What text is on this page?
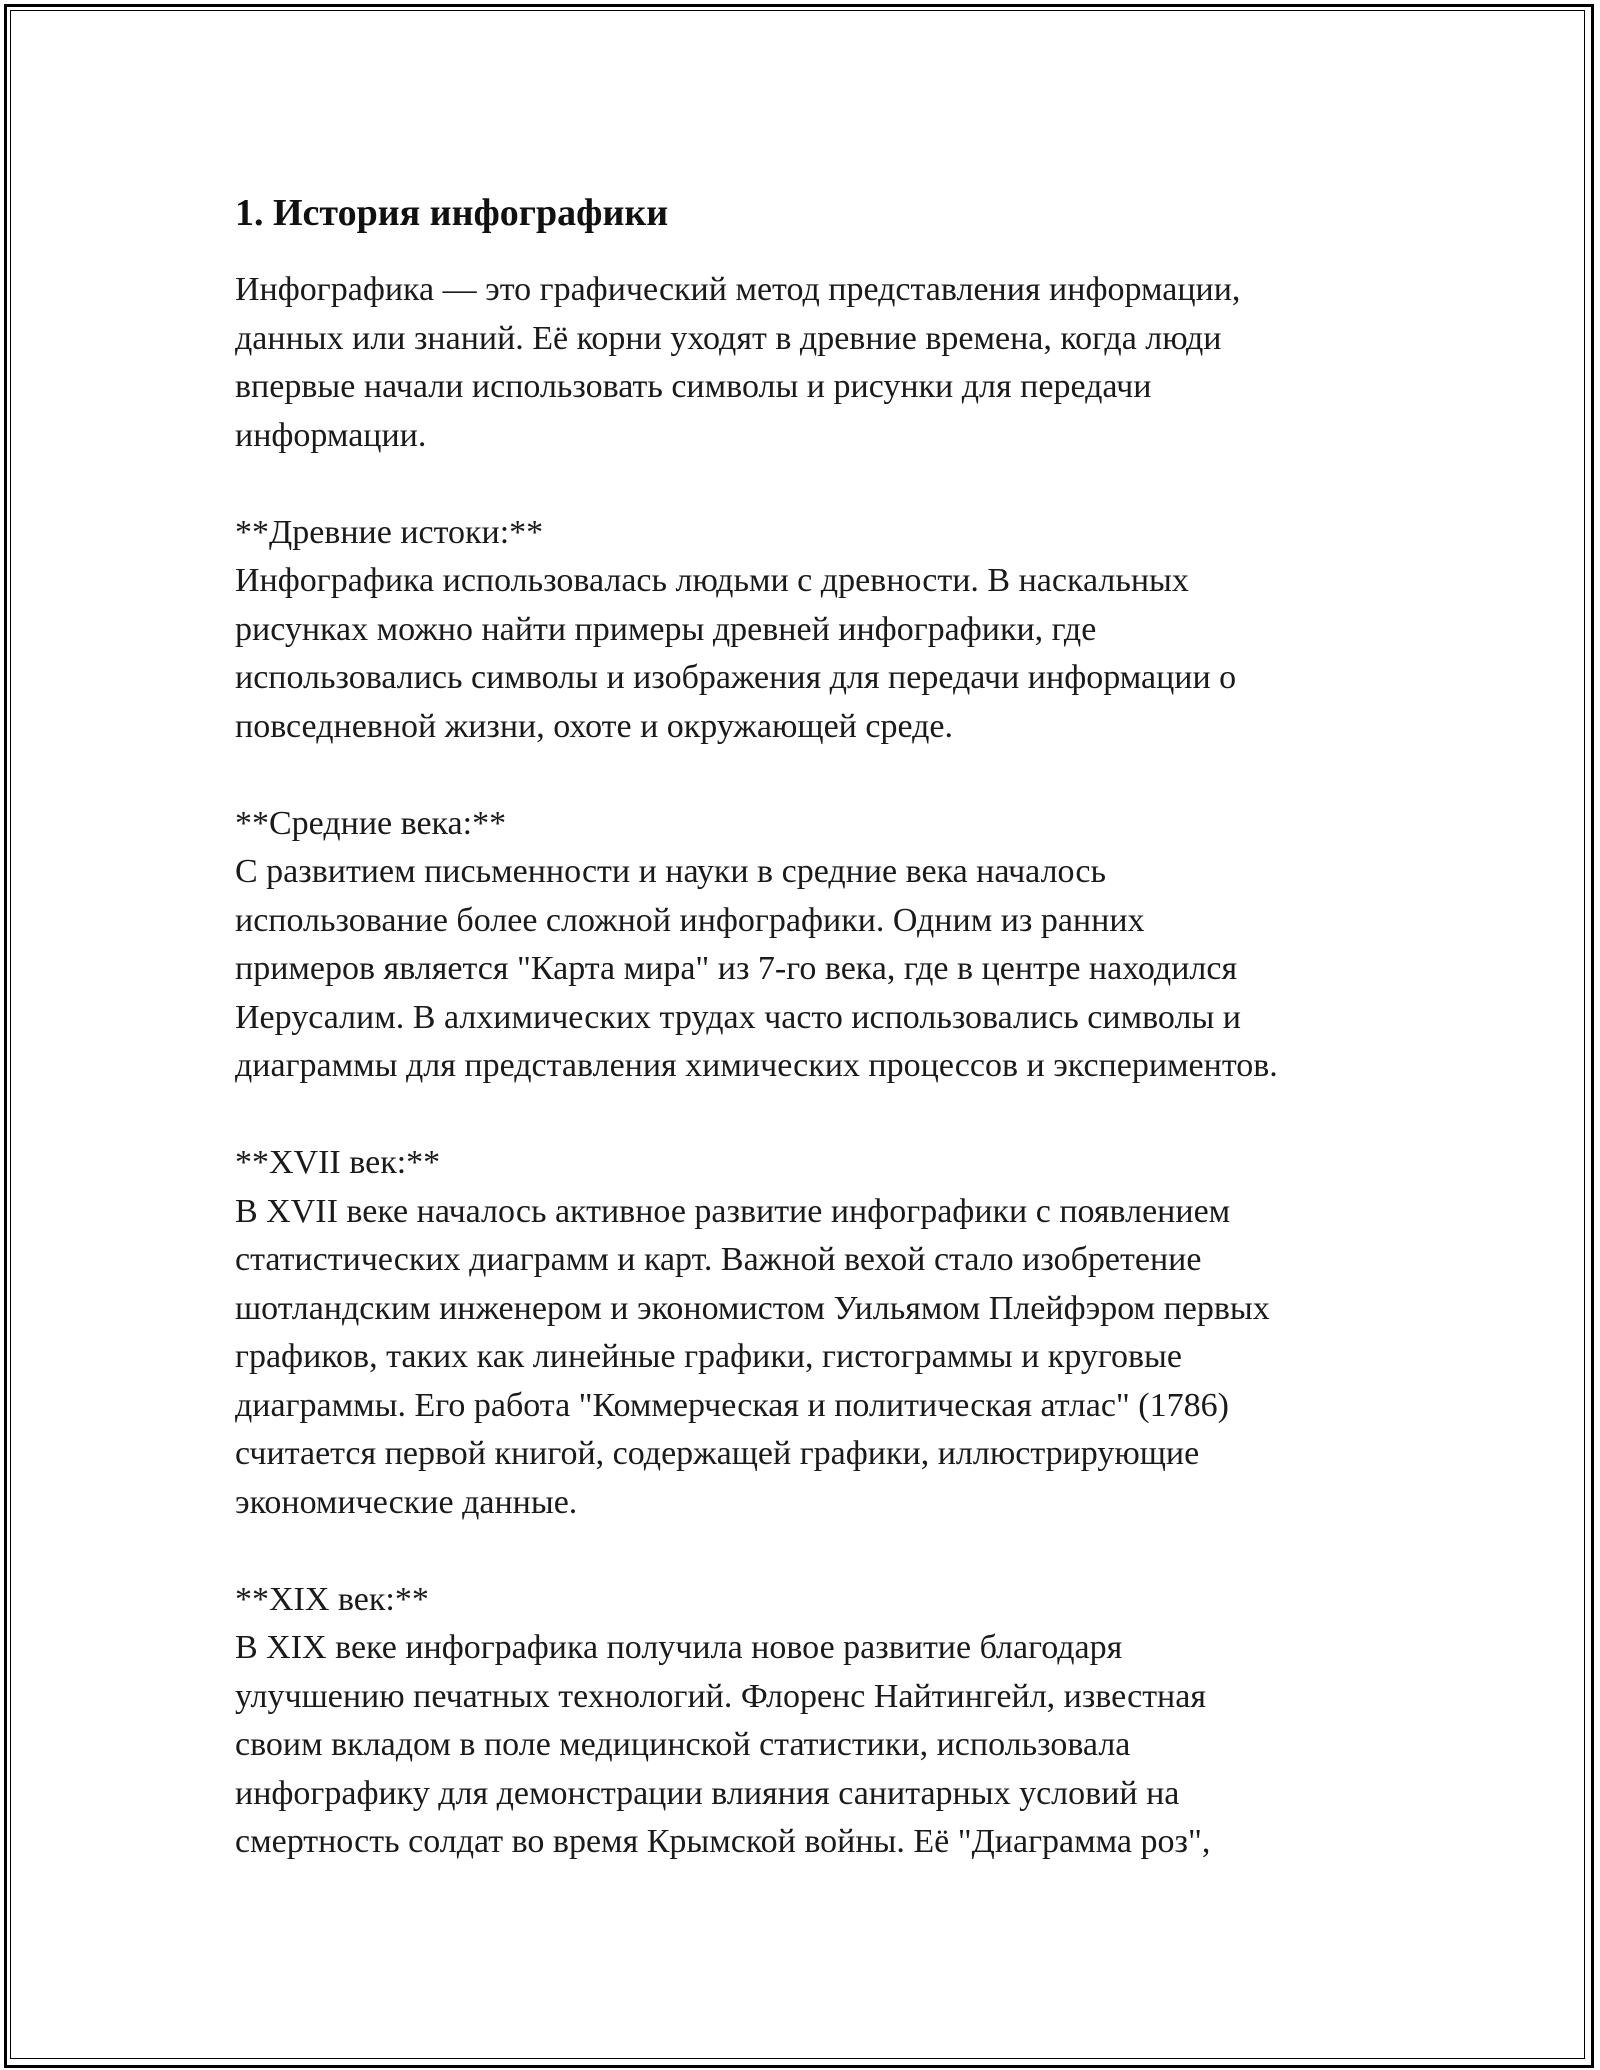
1. История инфографики

Инфографика — это графический метод представления информации,
данных или знаний. Её корни уходят в древние времена, когда люди
впервые начали использовать символы и рисунки для передачи
информации.

**Древние истоки:**
Инфографика использовалась людьми с древности. В наскальных
рисунках можно найти примеры древней инфографики, где
использовались символы и изображения для передачи информации о
повседневной жизни, охоте и окружающей среде.

**Средние века:**
С развитием письменности и науки в средние века началось
использование более сложной инфографики. Одним из ранних
примеров является "Карта мира" из 7-го века, где в центре находился
Иерусалим. В алхимических трудах часто использовались символы и
диаграммы для представления химических процессов и экспериментов.

**XVII век:**
В XVII веке началось активное развитие инфографики с появлением
статистических диаграмм и карт. Важной вехой стало изобретение
шотландским инженером и экономистом Уильямом Плейфэром первых
графиков, таких как линейные графики, гистограммы и круговые
диаграммы. Его работа "Коммерческая и политическая атлас" (1786)
считается первой книгой, содержащей графики, иллюстрирующие
экономические данные.

**XIX век:**
В XIX веке инфографика получила новое развитие благодаря
улучшению печатных технологий. Флоренс Найтингейл, известная
своим вкладом в поле медицинской статистики, использовала
инфографику для демонстрации влияния санитарных условий на
смертность солдат во время Крымской войны. Её "Диаграмма роз",
